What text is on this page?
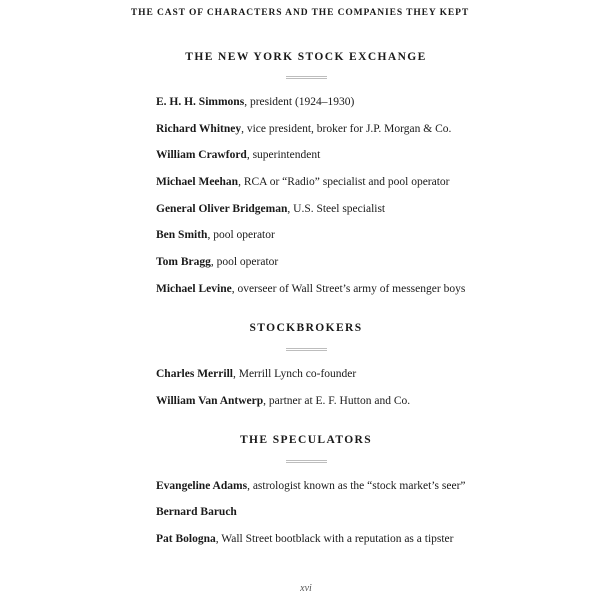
THE CAST OF CHARACTERS AND THE COMPANIES THEY KEPT
THE NEW YORK STOCK EXCHANGE
E. H. H. Simmons, president (1924–1930)
Richard Whitney, vice president, broker for J.P. Morgan & Co.
William Crawford, superintendent
Michael Meehan, RCA or “Radio” specialist and pool operator
General Oliver Bridgeman, U.S. Steel specialist
Ben Smith, pool operator
Tom Bragg, pool operator
Michael Levine, overseer of Wall Street’s army of messenger boys
STOCKBROKERS
Charles Merrill, Merrill Lynch co-founder
William Van Antwerp, partner at E. F. Hutton and Co.
THE SPECULATORS
Evangeline Adams, astrologist known as the “stock market’s seer”
Bernard Baruch
Pat Bologna, Wall Street bootblack with a reputation as a tipster
xvi
